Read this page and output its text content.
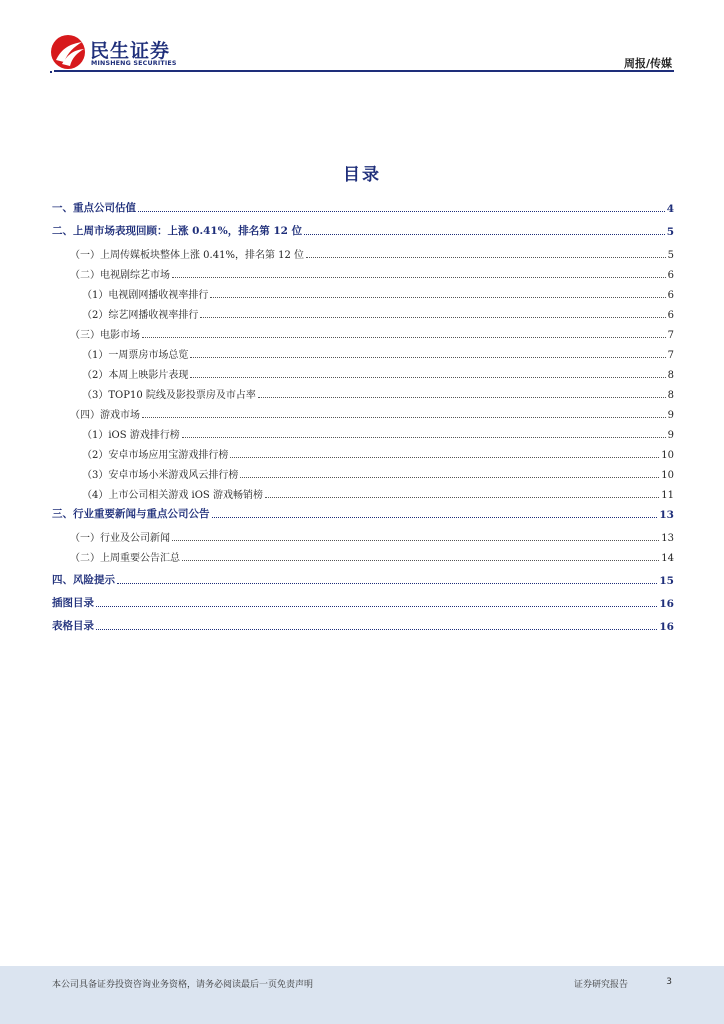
民生证券
MINSHENG SECURITIES	周报/传媒
目录
一、重点公司估值	4
二、上周市场表现回顾：上涨 0.41%，排名第 12 位	5
（一）上周传媒板块整体上涨 0.41%，排名第 12 位	5
（二）电视剧综艺市场	6
（1）电视剧网播收视率排行	6
（2）综艺网播收视率排行	6
（三）电影市场	7
（1）一周票房市场总览	7
（2）本周上映影片表现	8
（3）TOP10 院线及影投票房及市占率	8
（四）游戏市场	9
（1）iOS 游戏排行榜	9
（2）安卓市场应用宝游戏排行榜	10
（3）安卓市场小米游戏风云排行榜	10
（4）上市公司相关游戏 iOS 游戏畅销榜	11
三、行业重要新闻与重点公司公告	13
（一）行业及公司新闻	13
（二）上周重要公告汇总	14
四、风险提示	15
插图目录	16
表格目录	16
本公司具备证券投资咨询业务资格，请务必阅读最后一页免责声明	证券研究报告	3
